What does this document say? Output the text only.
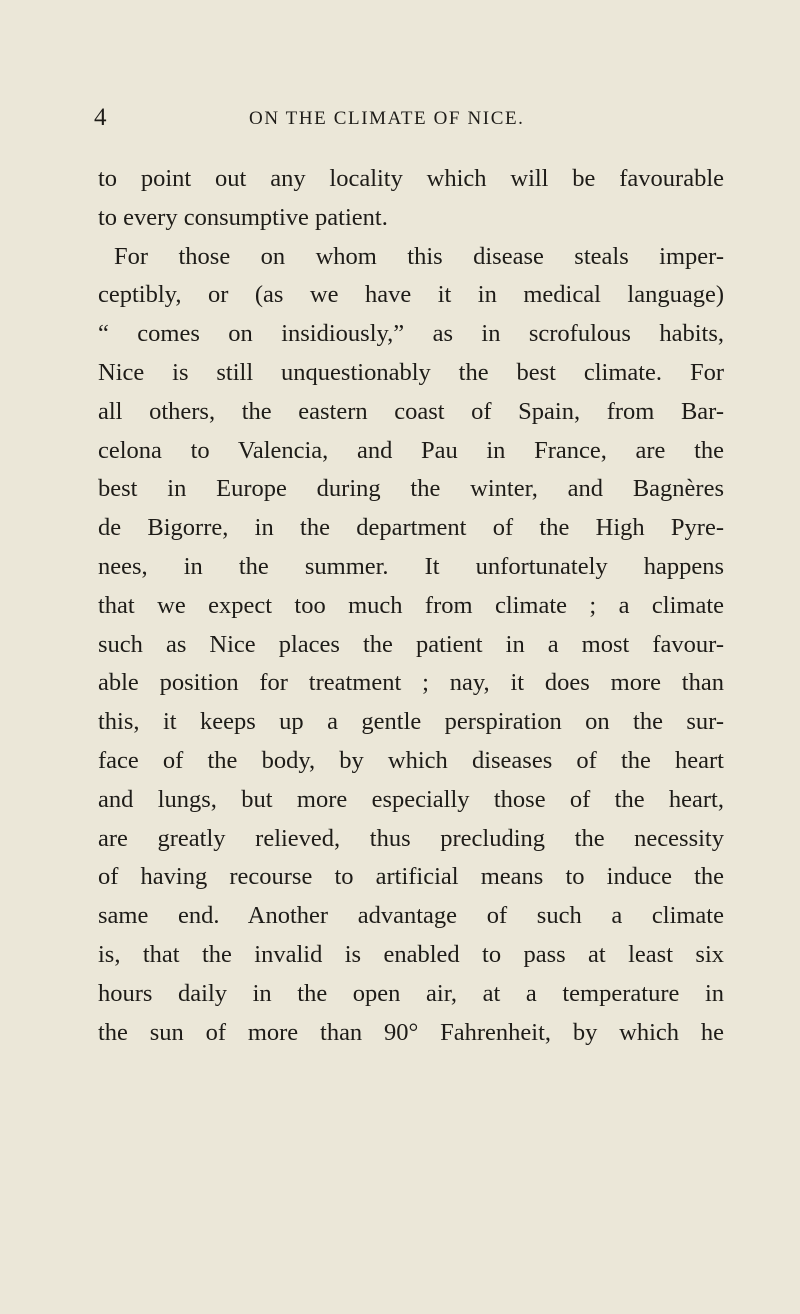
4	ON THE CLIMATE OF NICE.
to point out any locality which will be favourable
to every consumptive patient.
For those on whom this disease steals imper-
ceptibly, or (as we have it in medical language)
“ comes on insidiously,” as in scrofulous habits,
Nice is still unquestionably the best climate. For
all others, the eastern coast of Spain, from Bar-
celona to Valencia, and Pau in France, are the
best in Europe during the winter, and Bagnères
de Bigorre, in the department of the High Pyre-
nees, in the summer. It unfortunately happens
that we expect too much from climate ; a climate
such as Nice places the patient in a most favour-
able position for treatment ; nay, it does more than
this, it keeps up a gentle perspiration on the sur-
face of the body, by which diseases of the heart
and lungs, but more especially those of the heart,
are greatly relieved, thus precluding the necessity
of having recourse to artificial means to induce the
same end. Another advantage of such a climate
is, that the invalid is enabled to pass at least six
hours daily in the open air, at a temperature in
the sun of more than 90° Fahrenheit, by which he
